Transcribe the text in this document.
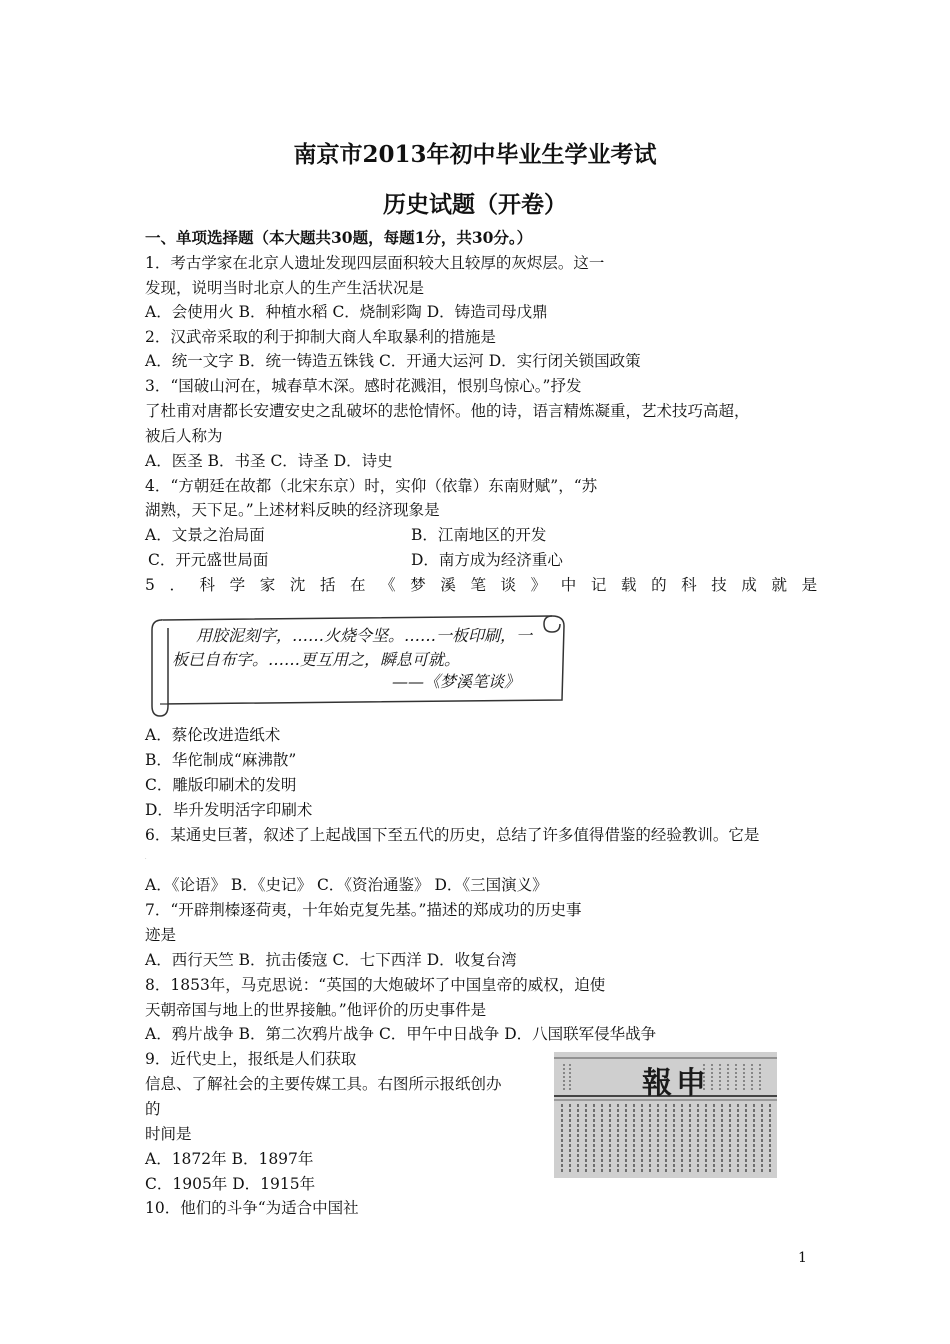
南京市2013年初中毕业生学业考试
历史试题（开卷）
一、单项选择题（本大题共30题，每题1分，共30分。）
1．考古学家在北京人遗址发现四层面积较大且较厚的灰烬层。这一
发现，说明当时北京人的生产生活状况是
A．会使用火 B．种植水稻 C．烧制彩陶 D．铸造司母戊鼎
2．汉武帝采取的利于抑制大商人牟取暴利的措施是
A．统一文字 B．统一铸造五铢钱 C．开通大运河 D．实行闭关锁国政策
3．“国破山河在，城春草木深。感时花溅泪，恨别鸟惊心。”抒发
了杜甫对唐都长安遭安史之乱破坏的悲怆情怀。他的诗，语言精炼凝重，艺术技巧高超，
被后人称为
A．医圣 B．书圣 C．诗圣 D．诗史
4．“方朝廷在故都（北宋东京）时，实仰（依靠）东南财赋”，“苏
湖熟，天下足。”上述材料反映的经济现象是
A．文景之治局面	B．江南地区的开发
C．开元盛世局面	D．南方成为经济重心
5．科学家沈括在《梦溪笔谈》中记载的科技成就是
用胶泥刻字，……火烧令坚。……一板印刷，一
板已自布字。……更互用之，瞬息可就。
——《梦溪笔谈》
A．蔡伦改进造纸术
B．华佗制成“麻沸散”
C．雕版印刷术的发明
D．毕升发明活字印刷术
6．某通史巨著，叙述了上起战国下至五代的历史，总结了许多值得借鉴的经验教训。它是
·
A．《论语》 B．《史记》 C．《资治通鉴》 D．《三国演义》
7．“开辟荆榛逐荷夷，十年始克复先基。”描述的郑成功的历史事
迹是
A．西行天竺 B．抗击倭寇 C．七下西洋 D．收复台湾
8．1853年，马克思说：“英国的大炮破坏了中国皇帝的威权，迫使
天朝帝国与地上的世界接触。”他评价的历史事件是
A．鸦片战争 B．第二次鸦片战争 C．甲午中日战争 D．八国联军侵华战争
9．近代史上，报纸是人们获取
信息、了解社会的主要传媒工具。右图所示报纸创办
的
时间是
A．1872年 B．1897年
C．1905年 D．1915年
報申
10．他们的斗争“为适合中国社
1
